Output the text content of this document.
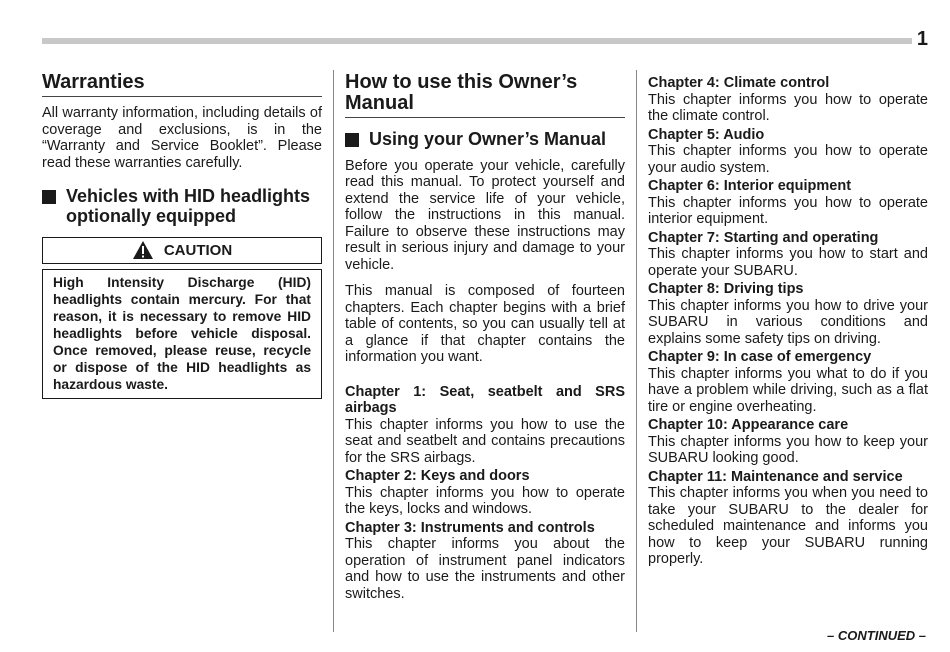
1
Warranties

All warranty information, including details of coverage and exclusions, is in the “Warranty and Service Booklet”. Please read these warranties carefully.

Vehicles with HID headlights optionally equipped
CAUTION

High Intensity Discharge (HID) headlights contain mercury. For that reason, it is necessary to remove HID headlights before vehicle disposal. Once removed, please reuse, recycle or dispose of the HID headlights as hazardous waste.

How to use this Owner’s Manual
Using your Owner’s Manual

Before you operate your vehicle, carefully read this manual. To protect yourself and extend the service life of your vehicle, follow the instructions in this manual. Failure to observe these instructions may result in serious injury and damage to your vehicle.

This manual is composed of fourteen chapters. Each chapter begins with a brief table of contents, so you can usually tell at a glance if that chapter contains the information you want.

Chapter 1: Seat, seatbelt and SRS airbags

This chapter informs you how to use the seat and seatbelt and contains precautions for the SRS airbags.

Chapter 2: Keys and doors

This chapter informs you how to operate the keys, locks and windows.

Chapter 3: Instruments and controls

This chapter informs you about the operation of instrument panel indicators and how to use the instruments and other switches.

Chapter 4: Climate control

This chapter informs you how to operate the climate control.

Chapter 5: Audio

This chapter informs you how to operate your audio system.

Chapter 6: Interior equipment

This chapter informs you how to operate interior equipment.

Chapter 7: Starting and operating

This chapter informs you how to start and operate your SUBARU.

Chapter 8: Driving tips

This chapter informs you how to drive your SUBARU in various conditions and explains some safety tips on driving.

Chapter 9: In case of emergency

This chapter informs you what to do if you have a problem while driving, such as a flat tire or engine overheating.

Chapter 10: Appearance care

This chapter informs you how to keep your SUBARU looking good.

Chapter 11: Maintenance and service

This chapter informs you when you need to take your SUBARU to the dealer for scheduled maintenance and informs you how to keep your SUBARU running properly.

– CONTINUED –
